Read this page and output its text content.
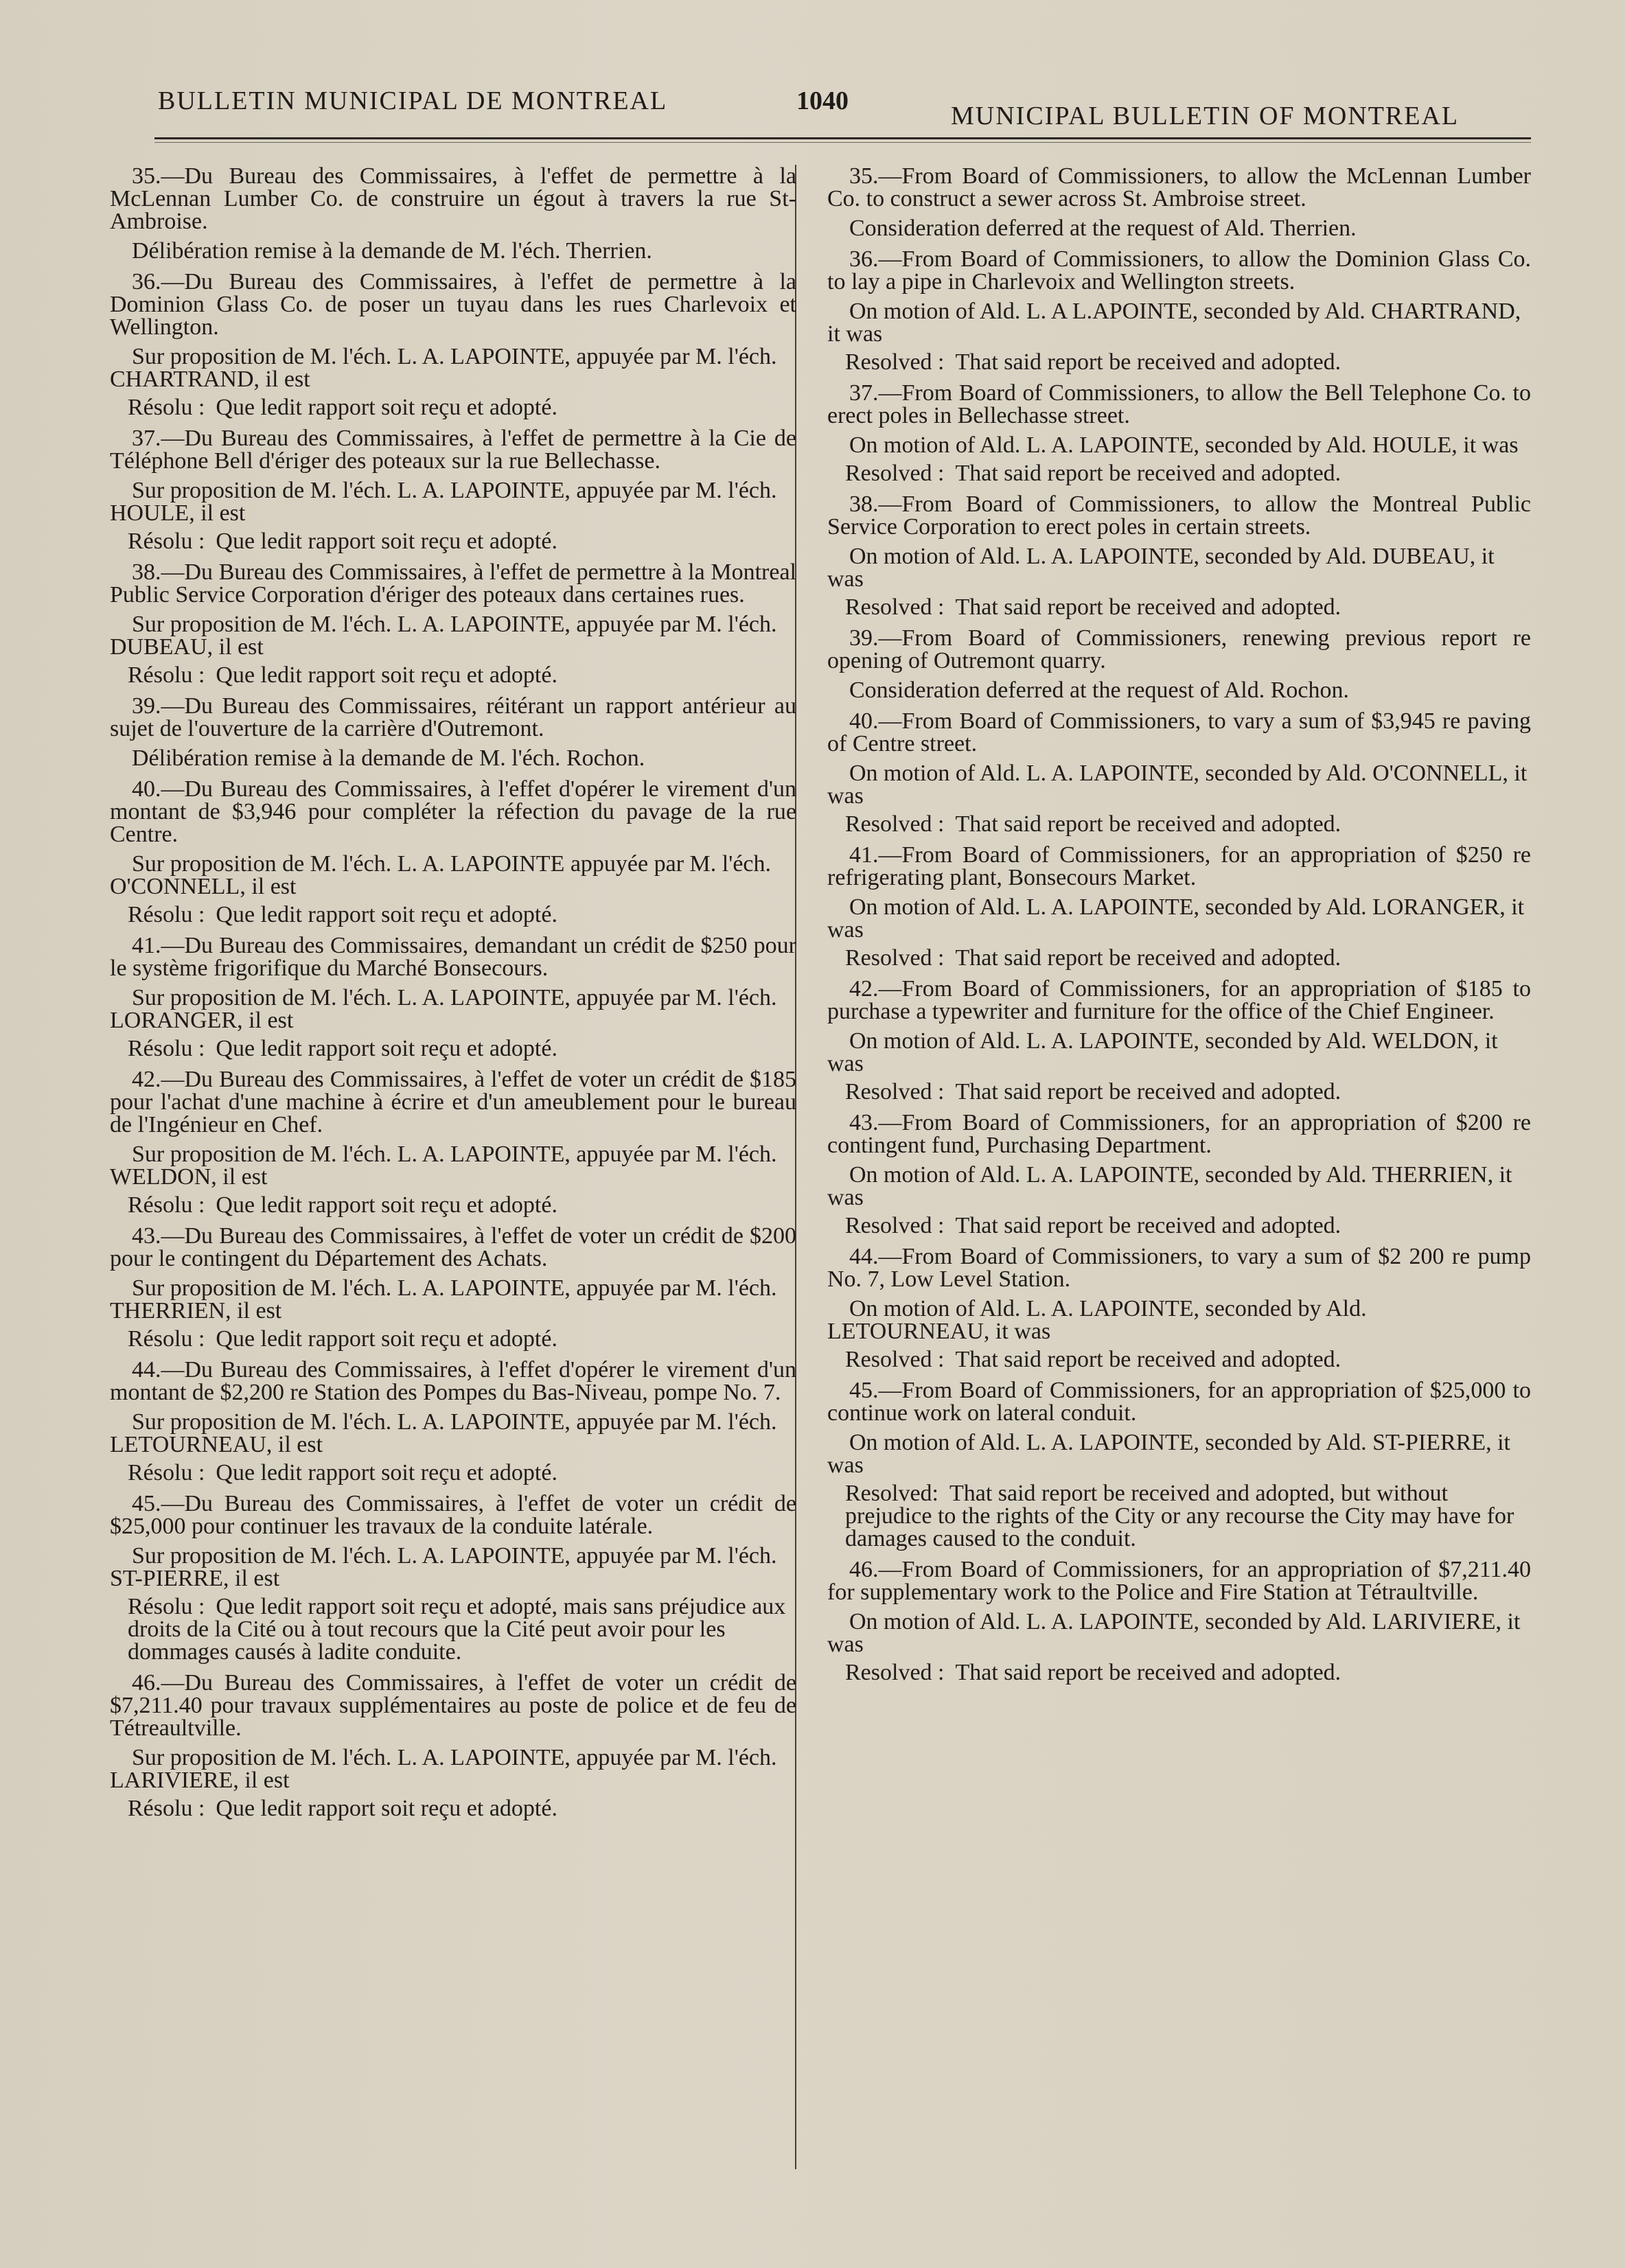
BULLETIN MUNICIPAL DE MONTREAL	1040
MUNICIPAL BULLETIN OF MONTREAL

35.—Du Bureau des Commissaires, à l'effet de permettre à la McLennan Lumber Co. de construire un égout à travers la rue St-Ambroise.

Délibération remise à la demande de M. l'éch. Therrien.

36.—Du Bureau des Commissaires, à l'effet de permettre à la Dominion Glass Co. de poser un tuyau dans les rues Charlevoix et Wellington.

Sur proposition de M. l'éch. L. A. LAPOINTE, appuyée par M. l'éch. CHARTRAND, il est

Résolu : Que ledit rapport soit reçu et adopté.

37.—Du Bureau des Commissaires, à l'effet de permettre à la Cie de Téléphone Bell d'ériger des poteaux sur la rue Bellechasse.

Sur proposition de M. l'éch. L. A. LAPOINTE, appuyée par M. l'éch. HOULE, il est

Résolu : Que ledit rapport soit reçu et adopté.

38.—Du Bureau des Commissaires, à l'effet de permettre à la Montreal Public Service Corporation d'ériger des poteaux dans certaines rues.

Sur proposition de M. l'éch. L. A. LAPOINTE, appuyée par M. l'éch. DUBEAU, il est

Résolu : Que ledit rapport soit reçu et adopté.

39.—Du Bureau des Commissaires, réitérant un rapport antérieur au sujet de l'ouverture de la carrière d'Outremont.

Délibération remise à la demande de M. l'éch. Rochon.

40.—Du Bureau des Commissaires, à l'effet d'opérer le virement d'un montant de $3,946 pour compléter la réfection du pavage de la rue Centre.

Sur proposition de M. l'éch. L. A. LAPOINTE appuyée par M. l'éch. O'CONNELL, il est

Résolu : Que ledit rapport soit reçu et adopté.

41.—Du Bureau des Commissaires, demandant un crédit de $250 pour le système frigorifique du Marché Bonsecours.

Sur proposition de M. l'éch. L. A. LAPOINTE, appuyée par M. l'éch. LORANGER, il est

Résolu : Que ledit rapport soit reçu et adopté.

42.—Du Bureau des Commissaires, à l'effet de voter un crédit de $185 pour l'achat d'une machine à écrire et d'un ameublement pour le bureau de l'Ingénieur en Chef.

Sur proposition de M. l'éch. L. A. LAPOINTE, appuyée par M. l'éch. WELDON, il est

Résolu : Que ledit rapport soit reçu et adopté.

43.—Du Bureau des Commissaires, à l'effet de voter un crédit de $200 pour le contingent du Département des Achats.

Sur proposition de M. l'éch. L. A. LAPOINTE, appuyée par M. l'éch. THERRIEN, il est

Résolu : Que ledit rapport soit reçu et adopté.

44.—Du Bureau des Commissaires, à l'effet d'opérer le virement d'un montant de $2,200 re Station des Pompes du Bas-Niveau, pompe No. 7.

Sur proposition de M. l'éch. L. A. LAPOINTE, appuyée par M. l'éch. LETOURNEAU, il est

Résolu : Que ledit rapport soit reçu et adopté.

45.—Du Bureau des Commissaires, à l'effet de voter un crédit de $25,000 pour continuer les travaux de la conduite latérale.

Sur proposition de M. l'éch. L. A. LAPOINTE, appuyée par M. l'éch. ST-PIERRE, il est

Résolu : Que ledit rapport soit reçu et adopté, mais sans préjudice aux droits de la Cité ou à tout recours que la Cité peut avoir pour les dommages causés à ladite conduite.

46.—Du Bureau des Commissaires, à l'effet de voter un crédit de $7,211.40 pour travaux supplémentaires au poste de police et de feu de Tétreaultville.

Sur proposition de M. l'éch. L. A. LAPOINTE, appuyée par M. l'éch. LARIVIERE, il est

Résolu : Que ledit rapport soit reçu et adopté.

35.—From Board of Commissioners, to allow the McLennan Lumber Co. to construct a sewer across St. Ambroise street.

Consideration deferred at the request of Ald. Therrien.

36.—From Board of Commissioners, to allow the Dominion Glass Co. to lay a pipe in Charlevoix and Wellington streets.

On motion of Ald. L. A L.APOINTE, seconded by Ald. CHARTRAND, it was

Resolved : That said report be received and adopted.

37.—From Board of Commissioners, to allow the Bell Telephone Co. to erect poles in Bellechasse street.

On motion of Ald. L. A. LAPOINTE, seconded by Ald. HOULE, it was

Resolved : That said report be received and adopted.

38.—From Board of Commissioners, to allow the Montreal Public Service Corporation to erect poles in certain streets.

On motion of Ald. L. A. LAPOINTE, seconded by Ald. DUBEAU, it was

Resolved : That said report be received and adopted.

39.—From Board of Commissioners, renewing previous report re opening of Outremont quarry.

Consideration deferred at the request of Ald. Rochon.

40.—From Board of Commissioners, to vary a sum of $3,945 re paving of Centre street.

On motion of Ald. L. A. LAPOINTE, seconded by Ald. O'CONNELL, it was

Resolved : That said report be received and adopted.

41.—From Board of Commissioners, for an appropriation of $250 re refrigerating plant, Bonsecours Market.

On motion of Ald. L. A. LAPOINTE, seconded by Ald. LORANGER, it was

Resolved : That said report be received and adopted.

42.—From Board of Commissioners, for an appropriation of $185 to purchase a typewriter and furniture for the office of the Chief Engineer.

On motion of Ald. L. A. LAPOINTE, seconded by Ald. WELDON, it was

Resolved : That said report be received and adopted.

43.—From Board of Commissioners, for an appropriation of $200 re contingent fund, Purchasing Department.

On motion of Ald. L. A. LAPOINTE, seconded by Ald. THERRIEN, it was

Resolved : That said report be received and adopted.

44.—From Board of Commissioners, to vary a sum of $2 200 re pump No. 7, Low Level Station.

On motion of Ald. L. A. LAPOINTE, seconded by Ald. LETOURNEAU, it was

Resolved : That said report be received and adopted.

45.—From Board of Commissioners, for an appropriation of $25,000 to continue work on lateral conduit.

On motion of Ald. L. A. LAPOINTE, seconded by Ald. ST-PIERRE, it was

Resolved: That said report be received and adopted, but without prejudice to the rights of the City or any recourse the City may have for damages caused to the conduit.

46.—From Board of Commissioners, for an appropriation of $7,211.40 for supplementary work to the Police and Fire Station at Tétraultville.

On motion of Ald. L. A. LAPOINTE, seconded by Ald. LARIVIERE, it was

Resolved : That said report be received and adopted.
